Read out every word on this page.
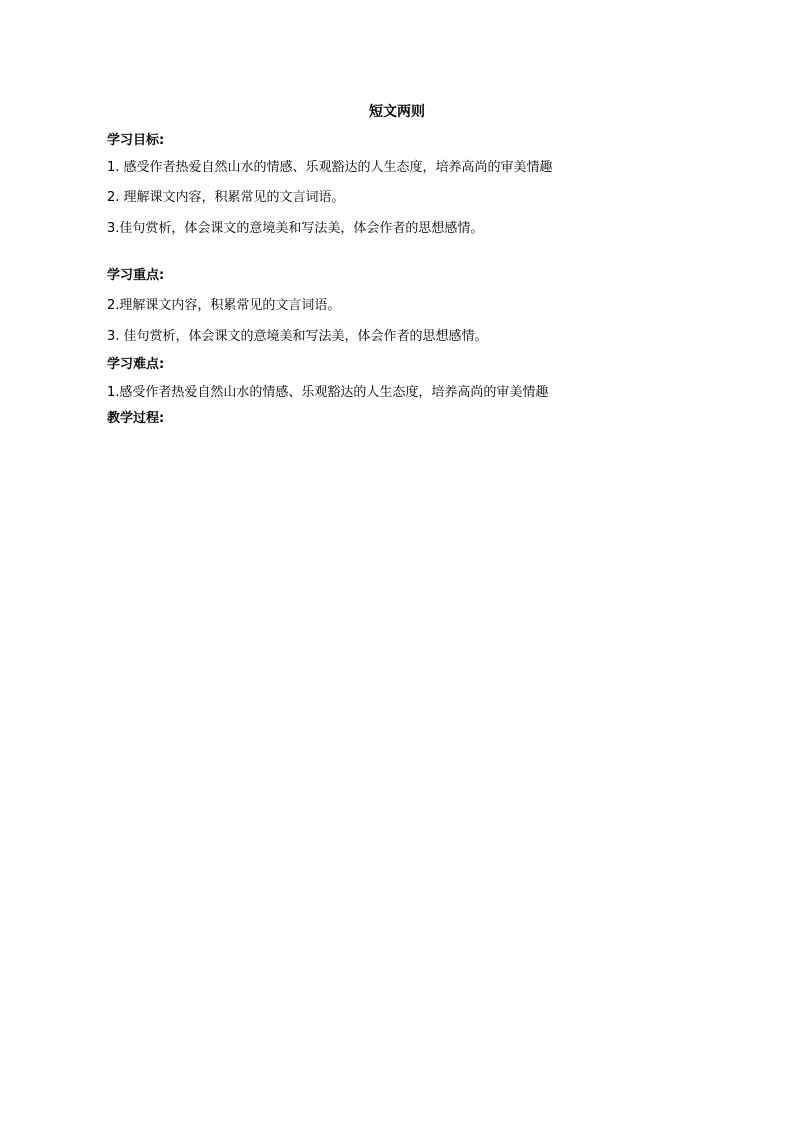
短文两则
学习目标:
1. 感受作者热爱自然山水的情感、乐观豁达的人生态度，培养高尚的审美情趣
2. 理解课文内容，积累常见的文言词语。
3.佳句赏析，体会课文的意境美和写法美，体会作者的思想感情。
学习重点:
2.理解课文内容，积累常见的文言词语。
3. 佳句赏析，体会课文的意境美和写法美，体会作者的思想感情。
学习难点:
1.感受作者热爱自然山水的情感、乐观豁达的人生态度，培养高尚的审美情趣
教学过程:
